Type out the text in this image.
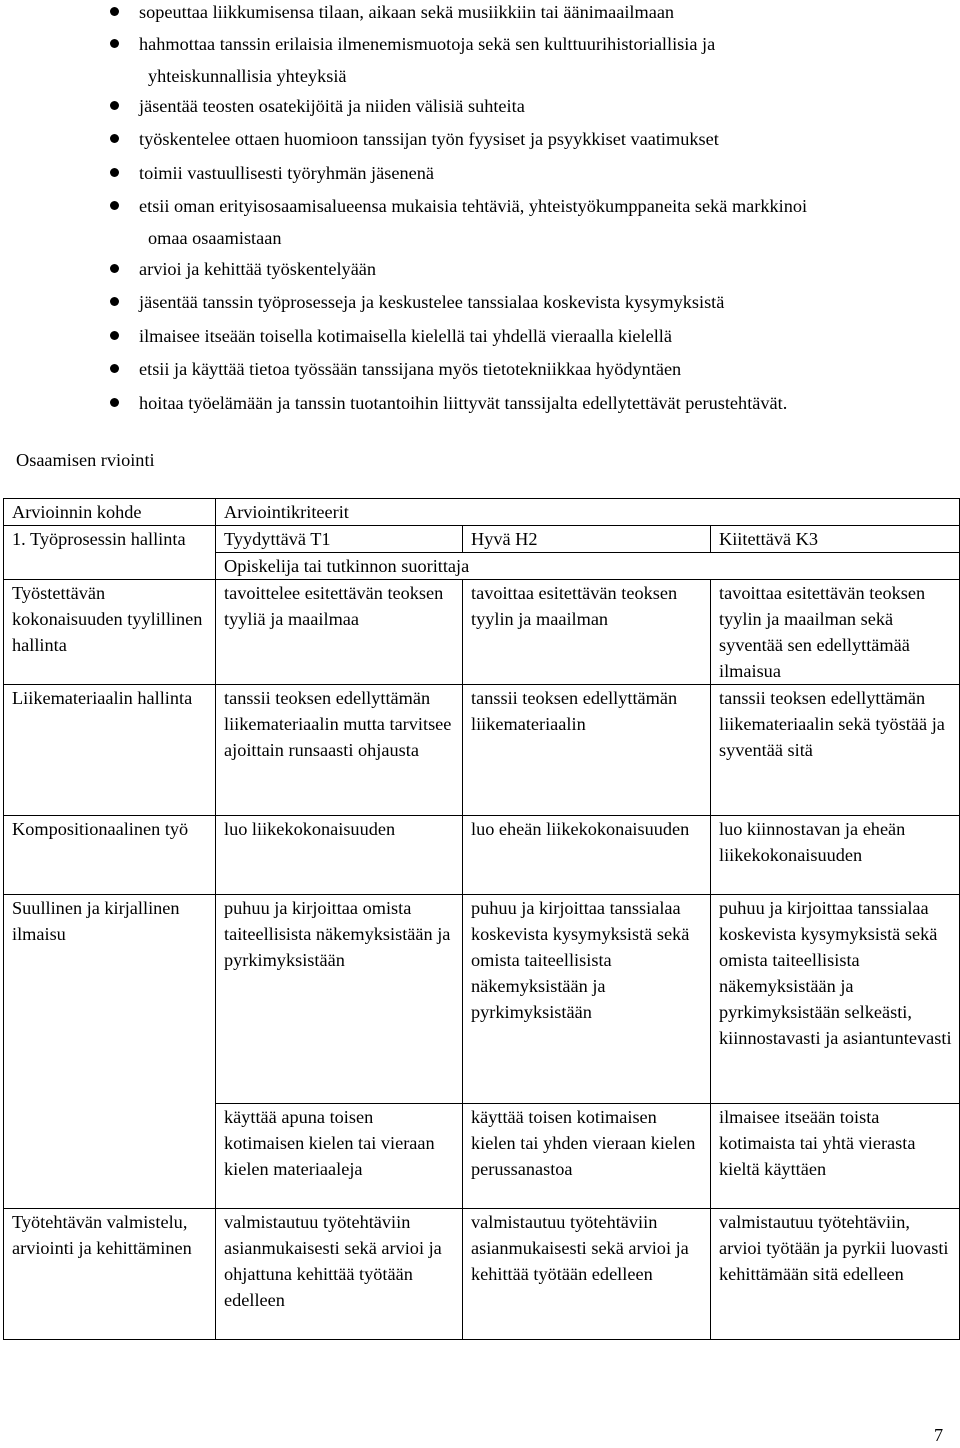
sopeuttaa liikkumisensa tilaan, aikaan sekä musiikkiin tai äänimaailmaan
hahmottaa tanssin erilaisia ilmenemismuotoja sekä sen kulttuurihistoriallisia ja
yhteiskunnallisia yhteyksiä
jäsentää teosten osatekijöitä ja niiden välisiä suhteita
työskentelee ottaen huomioon tanssijan työn fyysiset ja psyykkiset vaatimukset
toimii vastuullisesti työryhmän jäsenenä
etsii oman erityisosaamisalueensa mukaisia tehtäviä, yhteistyökumppaneita sekä markkinoi
omaa osaamistaan
arvioi ja kehittää työskentelyään
jäsentää tanssin työprosesseja ja keskustelee tanssialaa koskevista kysymyksistä
ilmaisee itseään toisella kotimaisella kielellä tai yhdellä vieraalla kielellä
etsii ja käyttää tietoa työssään tanssijana myös tietotekniikkaa hyödyntäen
hoitaa työelämään ja tanssin tuotantoihin liittyvät tanssijalta edellytettävät perustehtävät.
Osaamisen rviointi
Arvioinnin kohde	Arviointikriteerit		
1. Työprosessin hallinta	Tyydyttävä T1	Hyvä H2	Kiitettävä K3
	Opiskelija tai tutkinnon suorittaja		
Työstettävän kokonaisuuden tyylillinen hallinta	tavoittelee esitettävän teoksen tyyliä ja maailmaa	tavoittaa esitettävän teoksen tyylin ja maailman	tavoittaa esitettävän teoksen tyylin ja maailman sekä syventää sen edellyttämää ilmaisua
Liikemateriaalin hallinta	tanssii teoksen edellyttämän liikemateriaalin mutta tarvitsee ajoittain runsaasti ohjausta	tanssii teoksen edellyttämän liikemateriaalin	tanssii teoksen edellyttämän liikemateriaalin sekä työstää ja syventää sitä
Kompositionaalinen työ	luo liikekokonaisuuden	luo eheän liikekokonaisuuden	luo kiinnostavan ja eheän liikekokonaisuuden
Suullinen ja kirjallinen ilmaisu	puhuu ja kirjoittaa omista taiteellisista näkemyksistään ja pyrkimyksistään	puhuu ja kirjoittaa tanssialaa koskevista kysymyksistä sekä omista taiteellisista näkemyksistään ja pyrkimyksistään	puhuu ja kirjoittaa tanssialaa koskevista kysymyksistä sekä omista taiteellisista näkemyksistään ja pyrkimyksistään selkeästi, kiinnostavasti ja asiantuntevasti
	käyttää apuna toisen kotimaisen kielen tai vieraan kielen materiaaleja	käyttää toisen kotimaisen kielen tai yhden vieraan kielen perussanastoa	ilmaisee itseään toista kotimaista tai yhtä vierasta kieltä käyttäen
Työtehtävän valmistelu, arviointi ja kehittäminen	valmistautuu työtehtäviin asianmukaisesti sekä arvioi ja ohjattuna kehittää työtään edelleen	valmistautuu työtehtäviin asianmukaisesti sekä arvioi ja kehittää työtään edelleen	valmistautuu työtehtäviin, arvioi työtään ja pyrkii luovasti kehittämään sitä edelleen
7
